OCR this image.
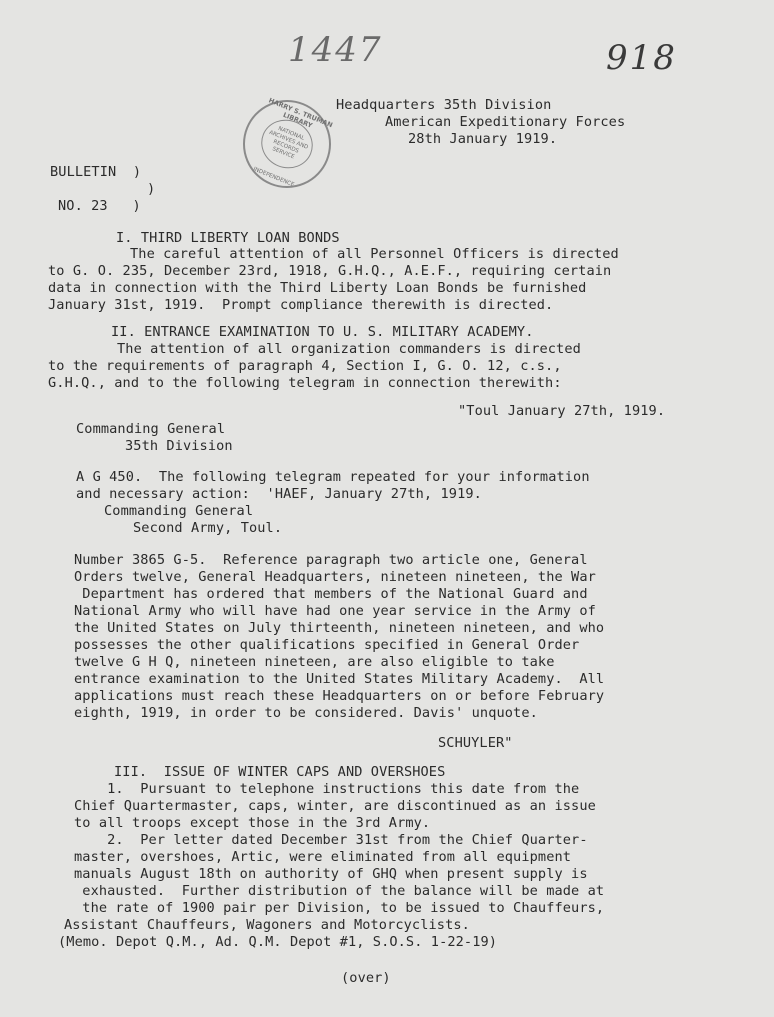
1447	918
HARRY S. TRUMAN LIBRARY
NATIONAL ARCHIVES AND RECORDS SERVICE
INDEPENDENCE
Headquarters 35th Division
American Expeditionary Forces
28th January 1919.
BULLETIN  )
)
NO. 23   )
I. THIRD LIBERTY LOAN BONDS
The careful attention of all Personnel Officers is directed
to G. O. 235, December 23rd, 1918, G.H.Q., A.E.F., requiring certain
data in connection with the Third Liberty Loan Bonds be furnished
January 31st, 1919.  Prompt compliance therewith is directed.
II. ENTRANCE EXAMINATION TO U. S. MILITARY ACADEMY.
The attention of all organization commanders is directed
to the requirements of paragraph 4, Section I, G. O. 12, c.s.,
G.H.Q., and to the following telegram in connection therewith:
"Toul January 27th, 1919.
Commanding General
35th Division
A G 450.  The following telegram repeated for your information
and necessary action:  'HAEF, January 27th, 1919.
Commanding General
Second Army, Toul.
Number 3865 G-5.  Reference paragraph two article one, General
Orders twelve, General Headquarters, nineteen nineteen, the War
Department has ordered that members of the National Guard and
National Army who will have had one year service in the Army of
the United States on July thirteenth, nineteen nineteen, and who
possesses the other qualifications specified in General Order
twelve G H Q, nineteen nineteen, are also eligible to take
entrance examination to the United States Military Academy.  All
applications must reach these Headquarters on or before February
eighth, 1919, in order to be considered. Davis' unquote.
SCHUYLER"
III.  ISSUE OF WINTER CAPS AND OVERSHOES
1.  Pursuant to telephone instructions this date from the
Chief Quartermaster, caps, winter, are discontinued as an issue
to all troops except those in the 3rd Army.
2.  Per letter dated December 31st from the Chief Quarter-
master, overshoes, Artic, were eliminated from all equipment
manuals August 18th on authority of GHQ when present supply is
exhausted.  Further distribution of the balance will be made at
the rate of 1900 pair per Division, to be issued to Chauffeurs,
Assistant Chauffeurs, Wagoners and Motorcyclists.
(Memo. Depot Q.M., Ad. Q.M. Depot #1, S.O.S. 1-22-19)
(over)
